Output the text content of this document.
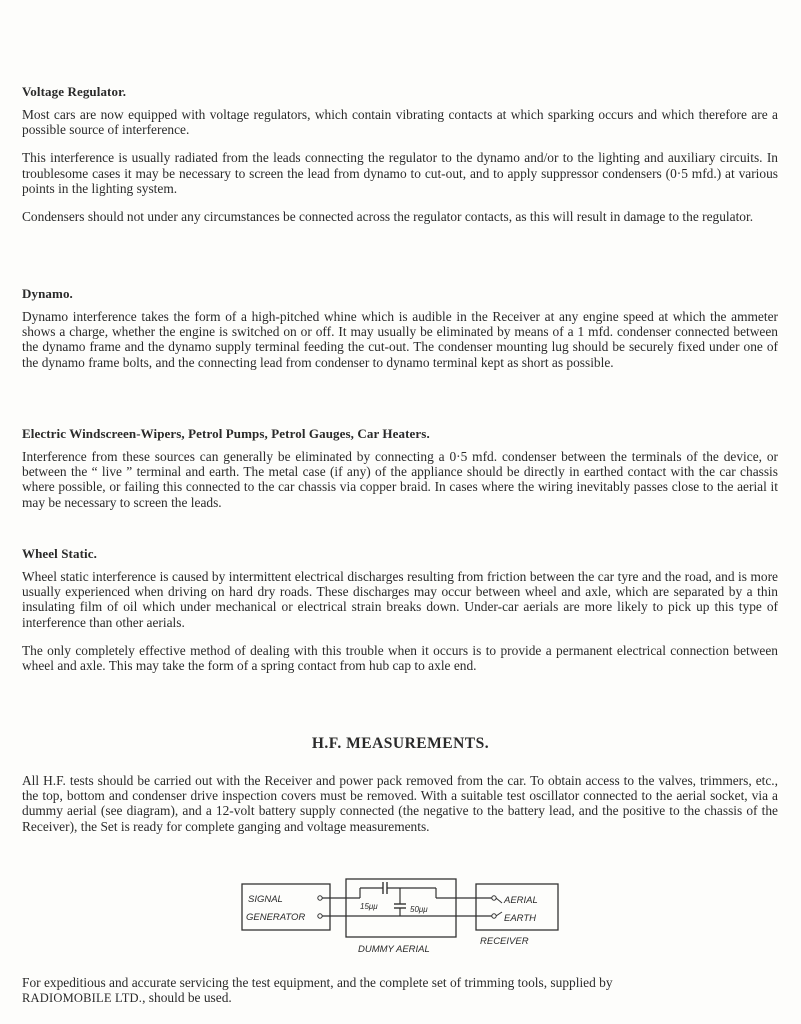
Voltage Regulator.

Most cars are now equipped with voltage regulators, which contain vibrating contacts at which sparking occurs and which therefore are a possible source of interference.

This interference is usually radiated from the leads connecting the regulator to the dynamo and/or to the lighting and auxiliary circuits. In troublesome cases it may be necessary to screen the lead from dynamo to cut-out, and to apply suppressor condensers (0·5 mfd.) at various points in the lighting system.

Condensers should not under any circumstances be connected across the regulator contacts, as this will result in damage to the regulator.

Dynamo.

Dynamo interference takes the form of a high-pitched whine which is audible in the Receiver at any engine speed at which the ammeter shows a charge, whether the engine is switched on or off. It may usually be eliminated by means of a 1 mfd. condenser connected between the dynamo frame and the dynamo supply terminal feeding the cut-out. The condenser mounting lug should be securely fixed under one of the dynamo frame bolts, and the connecting lead from condenser to dynamo terminal kept as short as possible.

Electric Windscreen-Wipers, Petrol Pumps, Petrol Gauges, Car Heaters.

Interference from these sources can generally be eliminated by connecting a 0·5 mfd. condenser between the terminals of the device, or between the “ live ” terminal and earth. The metal case (if any) of the appliance should be directly in earthed contact with the car chassis where possible, or failing this connected to the car chassis via copper braid. In cases where the wiring inevitably passes close to the aerial it may be necessary to screen the leads.

Wheel Static.

Wheel static interference is caused by intermittent electrical discharges resulting from friction between the car tyre and the road, and is more usually experienced when driving on hard dry roads. These discharges may occur between wheel and axle, which are separated by a thin insulating film of oil which under mechanical or electrical strain breaks down. Under-car aerials are more likely to pick up this type of interference than other aerials.

The only completely effective method of dealing with this trouble when it occurs is to provide a permanent electrical connection between wheel and axle. This may take the form of a spring contact from hub cap to axle end.

H.F. MEASUREMENTS.

All H.F. tests should be carried out with the Receiver and power pack removed from the car. To obtain access to the valves, trimmers, etc., the top, bottom and condenser drive inspection covers must be removed. With a suitable test oscillator connected to the aerial socket, via a dummy aerial (see diagram), and a 12-volt battery supply connected (the negative to the battery lead, and the positive to the chassis of the Receiver), the Set is ready for complete ganging and voltage measurements.

SIGNAL
GENERATOR
15μμ	50μμ
AERIAL
EARTH
RECEIVER
DUMMY AERIAL

For expeditious and accurate servicing the test equipment, and the complete set of trimming tools, supplied by
RADIOMOBILE LTD., should be used.
